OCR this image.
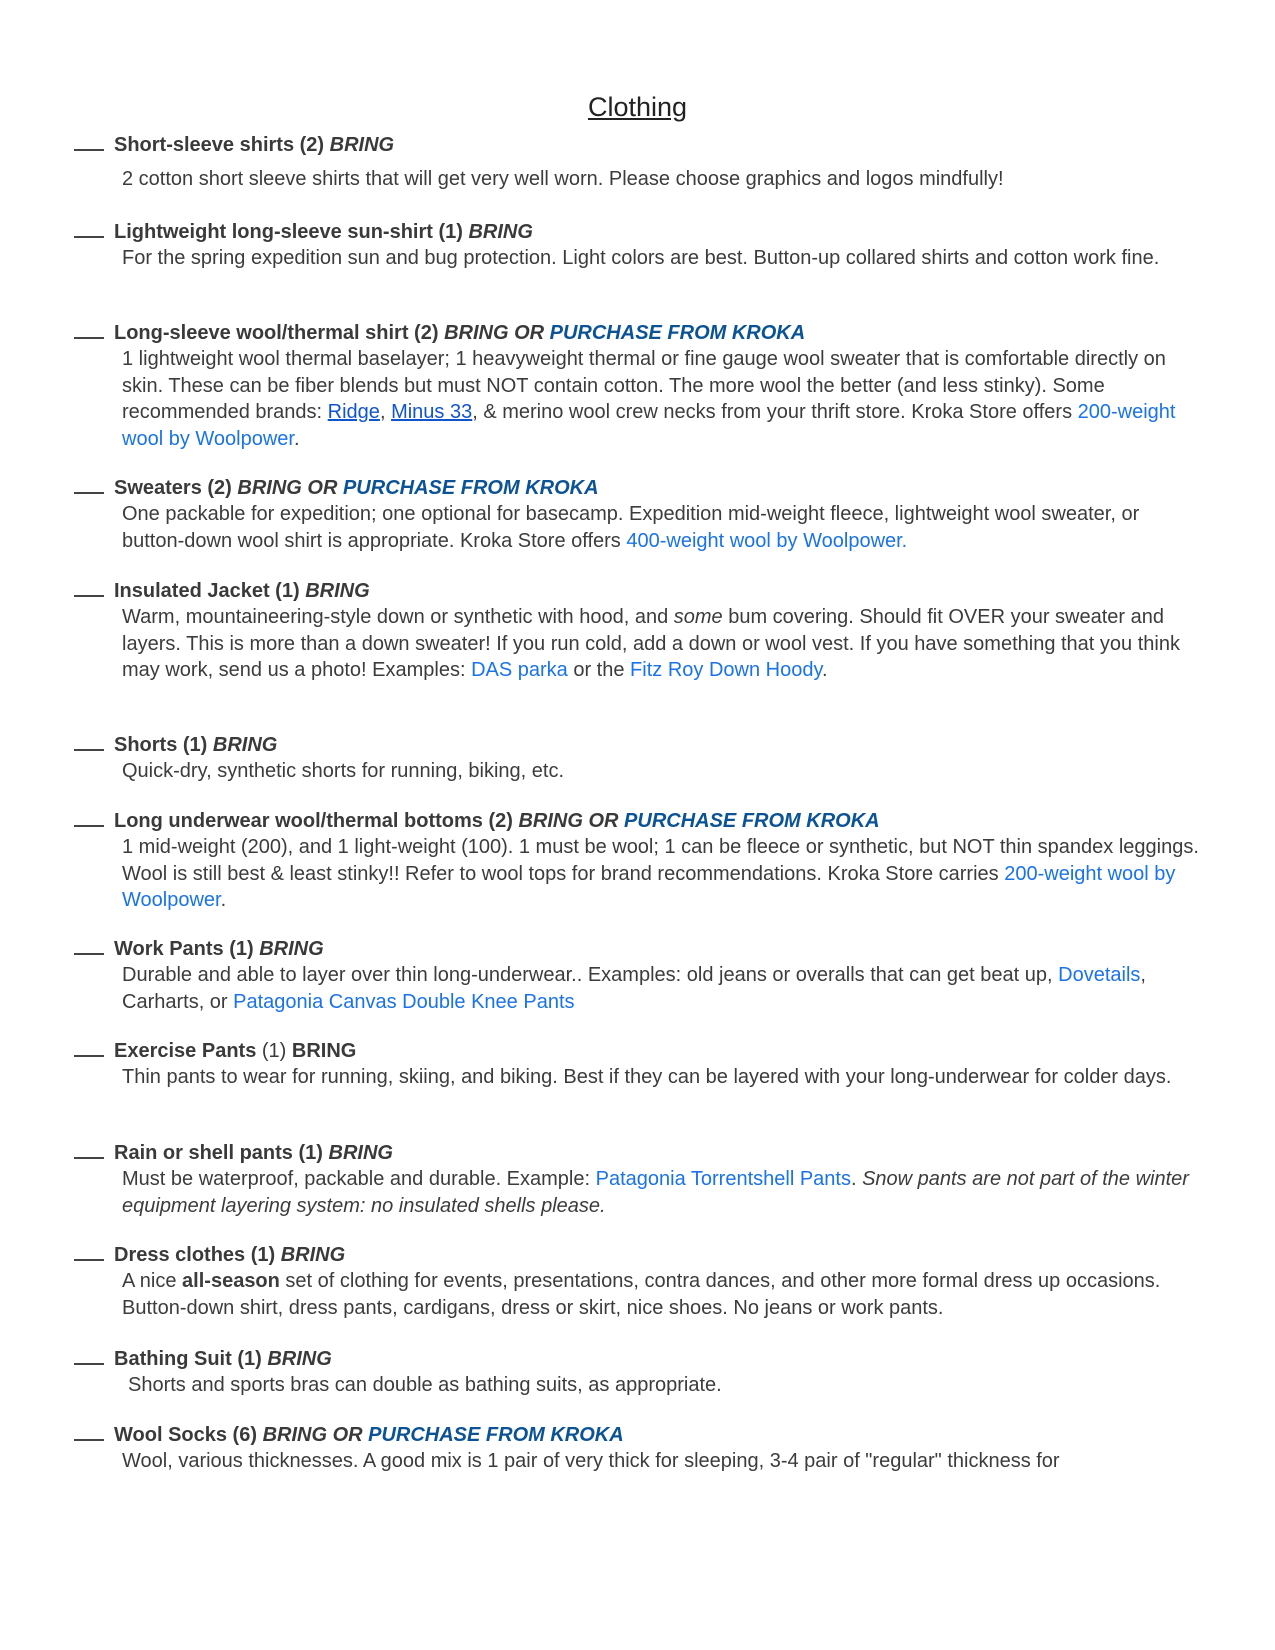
Clothing
Short-sleeve shirts (2) BRING
2 cotton short sleeve shirts that will get very well worn. Please choose graphics and logos mindfully!
Lightweight long-sleeve sun-shirt (1) BRING
For the spring expedition sun and bug protection. Light colors are best. Button-up collared shirts and cotton work fine.
Long-sleeve wool/thermal shirt (2) BRING OR PURCHASE FROM KROKA
1 lightweight wool thermal baselayer; 1 heavyweight thermal or fine gauge wool sweater that is comfortable directly on skin. These can be fiber blends but must NOT contain cotton. The more wool the better (and less stinky). Some recommended brands: Ridge, Minus 33, & merino wool crew necks from your thrift store. Kroka Store offers 200-weight wool by Woolpower.
Sweaters (2) BRING OR PURCHASE FROM KROKA
One packable for expedition; one optional for basecamp. Expedition mid-weight fleece, lightweight wool sweater, or button-down wool shirt is appropriate. Kroka Store offers 400-weight wool by Woolpower.
Insulated Jacket (1) BRING
Warm, mountaineering-style down or synthetic with hood, and some bum covering. Should fit OVER your sweater and layers. This is more than a down sweater! If you run cold, add a down or wool vest. If you have something that you think may work, send us a photo! Examples: DAS parka or the Fitz Roy Down Hoody.
Shorts (1) BRING
Quick-dry, synthetic shorts for running, biking, etc.
Long underwear wool/thermal bottoms (2) BRING OR PURCHASE FROM KROKA
1 mid-weight (200), and 1 light-weight (100). 1 must be wool; 1 can be fleece or synthetic, but NOT thin spandex leggings. Wool is still best & least stinky!! Refer to wool tops for brand recommendations. Kroka Store carries 200-weight wool by Woolpower.
Work Pants (1) BRING
Durable and able to layer over thin long-underwear.. Examples: old jeans or overalls that can get beat up, Dovetails, Carharts, or Patagonia Canvas Double Knee Pants
Exercise Pants (1) BRING
Thin pants to wear for running, skiing, and biking. Best if they can be layered with your long-underwear for colder days.
Rain or shell pants (1) BRING
Must be waterproof, packable and durable. Example: Patagonia Torrentshell Pants. Snow pants are not part of the winter equipment layering system: no insulated shells please.
Dress clothes (1) BRING
A nice all-season set of clothing for events, presentations, contra dances, and other more formal dress up occasions. Button-down shirt, dress pants, cardigans, dress or skirt, nice shoes. No jeans or work pants.
Bathing Suit (1) BRING
Shorts and sports bras can double as bathing suits, as appropriate.
Wool Socks (6) BRING OR PURCHASE FROM KROKA
Wool, various thicknesses. A good mix is 1 pair of very thick for sleeping, 3-4 pair of "regular" thickness for
